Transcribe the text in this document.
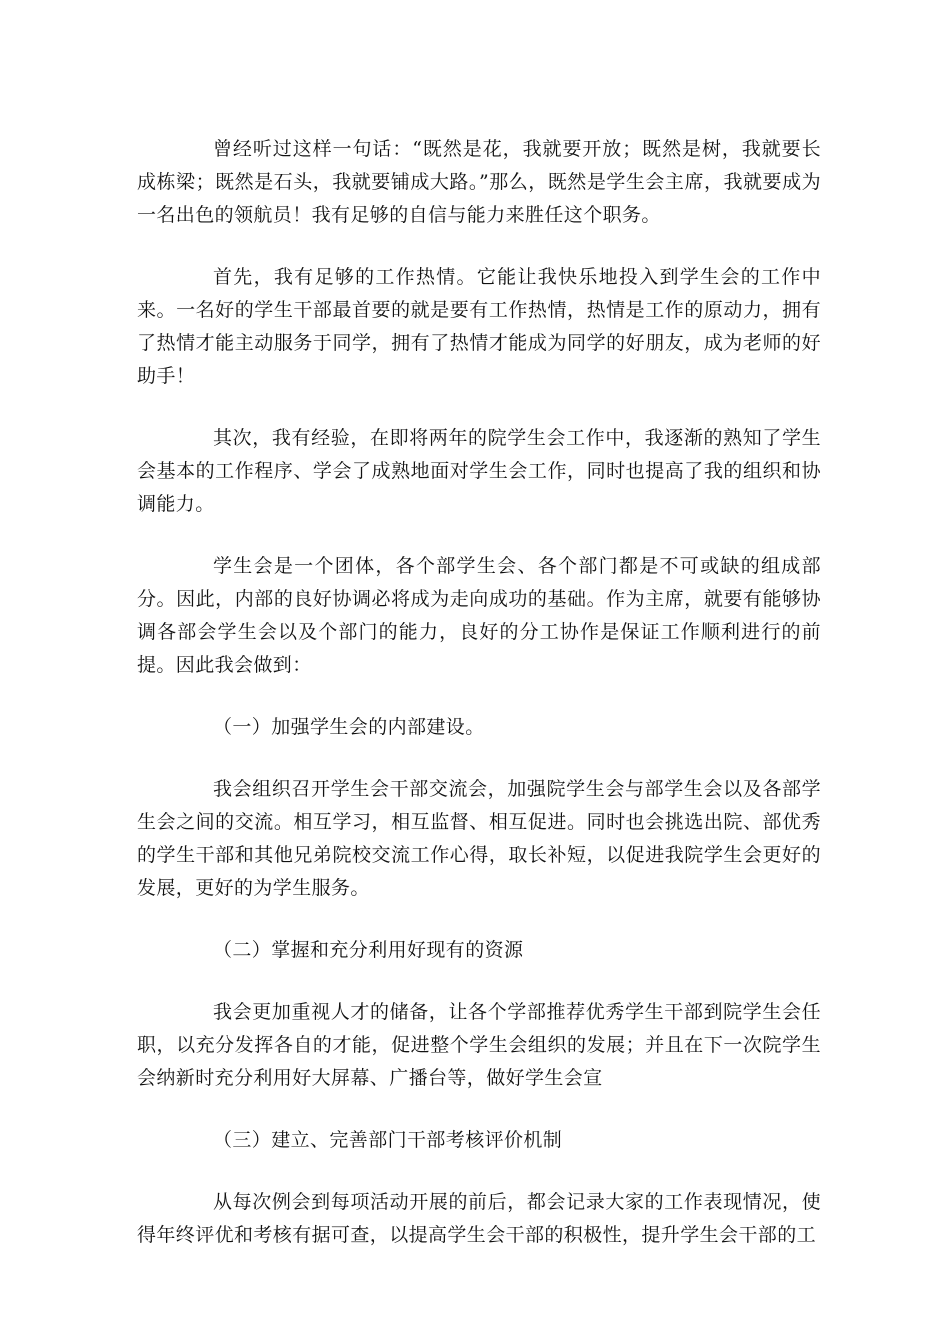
曾经听过这样一句话：“既然是花，我就要开放；既然是树，我就要长成栋梁；既然是石头，我就要铺成大路。”那么，既然是学生会主席，我就要成为一名出色的领航员！我有足够的自信与能力来胜任这个职务。

首先，我有足够的工作热情。它能让我快乐地投入到学生会的工作中来。一名好的学生干部最首要的就是要有工作热情，热情是工作的原动力，拥有了热情才能主动服务于同学，拥有了热情才能成为同学的好朋友，成为老师的好助手！

其次，我有经验，在即将两年的院学生会工作中，我逐渐的熟知了学生会基本的工作程序、学会了成熟地面对学生会工作，同时也提高了我的组织和协调能力。

学生会是一个团体，各个部学生会、各个部门都是不可或缺的组成部分。因此，内部的良好协调必将成为走向成功的基础。作为主席，就要有能够协调各部会学生会以及个部门的能力，良好的分工协作是保证工作顺利进行的前提。因此我会做到：

（一）加强学生会的内部建设。

我会组织召开学生会干部交流会，加强院学生会与部学生会以及各部学生会之间的交流。相互学习，相互监督、相互促进。同时也会挑选出院、部优秀的学生干部和其他兄弟院校交流工作心得，取长补短，以促进我院学生会更好的发展，更好的为学生服务。

（二）掌握和充分利用好现有的资源

我会更加重视人才的储备，让各个学部推荐优秀学生干部到院学生会任职，以充分发挥各自的才能，促进整个学生会组织的发展；并且在下一次院学生会纳新时充分利用好大屏幕、广播台等，做好学生会宣

（三）建立、完善部门干部考核评价机制

从每次例会到每项活动开展的前后，都会记录大家的工作表现情况，使得年终评优和考核有据可查，以提高学生会干部的积极性，提升学生会干部的工
